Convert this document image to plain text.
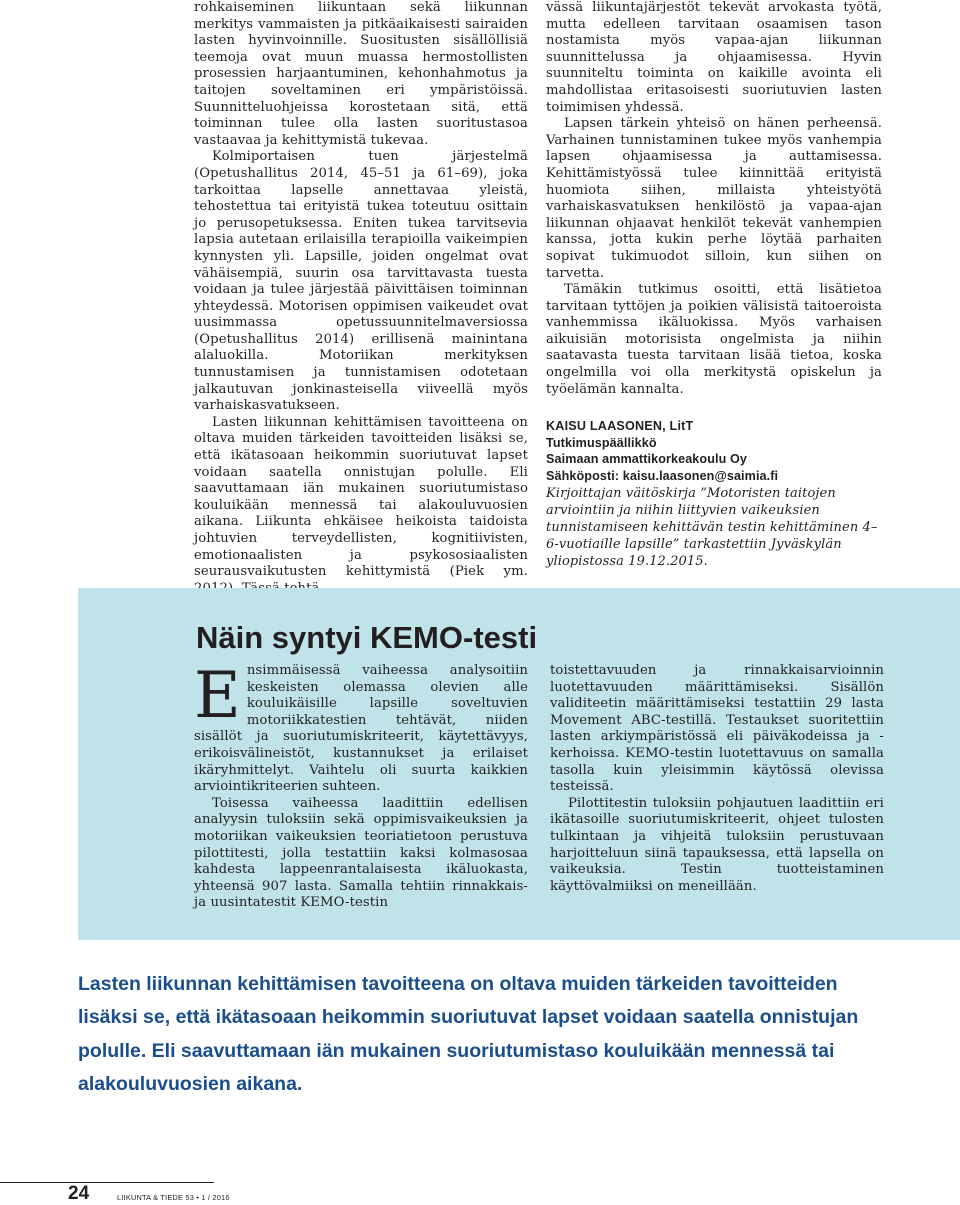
rohkaiseminen liikuntaan sekä liikunnan merkitys vammaisten ja pitkäaikaisesti sairaiden lasten hyvinvoinnille. Suositusten sisällöllisiä teemoja ovat muun muassa hermostollisten prosessien harjaantuminen, kehonhahmotus ja taitojen soveltaminen eri ympäristöissä. Suunnitteluohjeissa korostetaan sitä, että toiminnan tulee olla lasten suoritustasoa vastaavaa ja kehittymistä tukevaa.

Kolmiportaisen tuen järjestelmä (Opetushallitus 2014, 45–51 ja 61–69), joka tarkoittaa lapselle annettavaa yleistä, tehostettua tai erityistä tukea toteutuu osittain jo perusopetuksessa. Eniten tukea tarvitsevia lapsia autetaan erilaisilla terapioilla vaikeimpien kynnysten yli. Lapsille, joiden ongelmat ovat vähäisempiä, suurin osa tarvittavasta tuesta voidaan ja tulee järjestää päivittäisen toiminnan yhteydessä. Motorisen oppimisen vaikeudet ovat uusimmassa opetussuunnitelmaversiossa (Opetushallitus 2014) erillisenä mainintana alaluokilla. Motoriikan merkityksen tunnustamisen ja tunnistamisen odotetaan jalkautuvan jonkinasteisella viiveellä myös varhaiskasvatukseen.

Lasten liikunnan kehittämisen tavoitteena on oltava muiden tärkeiden tavoitteiden lisäksi se, että ikätasoaan heikommin suoriutuvat lapset voidaan saatella onnistujan polulle. Eli saavuttamaan iän mukainen suoriutumistaso kouluikään mennessä tai alakouluvuosien aikana. Liikunta ehkäisee heikoista taidoista johtuvien terveydellisten, kognitiivisten, emotionaalisten ja psykososiaalisten seurausvaikutusten kehittymistä (Piek ym.

vässä liikuntajärjestöt tekevät arvokasta työtä, mutta edelleen tarvitaan osaamisen tason nostamista myös vapaa-ajan liikunnan suunnittelussa ja ohjaamisessa. Hyvin suunniteltu toiminta on kaikille avointa eli mahdollistaa eritasoisesti suoriutuvien lasten toimimisen yhdessä.

Lapsen tärkein yhteisö on hänen perheensä. Varhainen tunnistaminen tukee myös vanhempia lapsen ohjaamisessa ja auttamisessa. Kehittämistyössä tulee kiinnittää erityistä huomiota siihen, millaista yhteistyötä varhaiskasvatuksen henkilöstö ja vapaa-ajan liikunnan ohjaavat henkilöt tekevät vanhempien kanssa, jotta kukin perhe löytää parhaiten sopivat tukimuodot silloin, kun siihen on tarvetta.

Tämäkin tutkimus osoitti, että lisätietoa tarvitaan tyttöjen ja poikien välisistä taitoeroista vanhemmissa ikäluokissa. Myös varhaisen aikuisiän motorisista ongelmista ja niihin saatavasta tuesta tarvitaan lisää tietoa, koska ongelmilla voi olla merkitystä opiskelun ja työelämän kannalta.

KAISU LAASONEN, LitT
Tutkimuspäällikkö
Saimaan ammattikorkeakoulu Oy
Sähköposti: kaisu.laasonen@saimia.fi

Kirjoittajan väitöskirja ”Motoristen taitojen arviointiin ja niihin liittyvien vaikeuksien tunnistamiseen kehittävän testin kehittäminen 4–6-vuotiaille lapsille” tarkastettiin Jyväskylän yliopistossa 19.12.2015.

Näin syntyi KEMO-testi

Ensimmäisessä vaiheessa analysoitiin keskeisten olemassa olevien alle kouluikäisille lapsille soveltuvien motoriikkatestien tehtävät, niiden sisällöt ja suoriutumiskriteerit, käytettävyys, erikoisvälineistöt, kustannukset ja erilaiset ikäryhmittelyt. Vaihtelu oli suurta kaikkien arviointikriteerien suhteen.

Toisessa vaiheessa laadittiin edellisen analyysin tuloksiin sekä oppimisvaikeuksien ja motoriikan vaikeuksien teoriatietoon perustuva pilottitesti, jolla testattiin kaksi kolmasosaa kahdesta lappeenrantalaisesta ikäluokasta, yhteensä 907 lasta. Samalla tehtiin rinnakkais- ja uusintatestit KEMO-testin

toistettavuuden ja rinnakkaisarvioinnin luotettavuuden määrittämiseksi. Sisällön validiteetin määrittämiseksi testattiin 29 lasta Movement ABC-testillä. Testaukset suoritettiin lasten arkiympäristössä eli päiväkodeissa ja -kerhoissa. KEMO-testin luotettavuus on samalla tasolla kuin yleisimmin käytössä olevissa testeissä.

Pilottitestin tuloksiin pohjautuen laadittiin eri ikätasoille suoriutumiskriteerit, ohjeet tulosten tulkintaan ja vihjeitä tuloksiin perustuvaan harjoitteluun siinä tapauksessa, että lapsella on vaikeuksia. Testin tuotteistaminen käyttövalmiiksi on meneillään.

Lasten liikunnan kehittämisen tavoitteena on oltava muiden tärkeiden tavoitteiden lisäksi se, että ikätasoaan heikommin suoriutuvat lapset voidaan saatella onnistujan polulle. Eli saavuttamaan iän mukainen suoriutumistaso kouluikään mennessä tai alakouluvuosien aikana.

24	LIIKUNTA & TIEDE 53 • 1 / 2016
